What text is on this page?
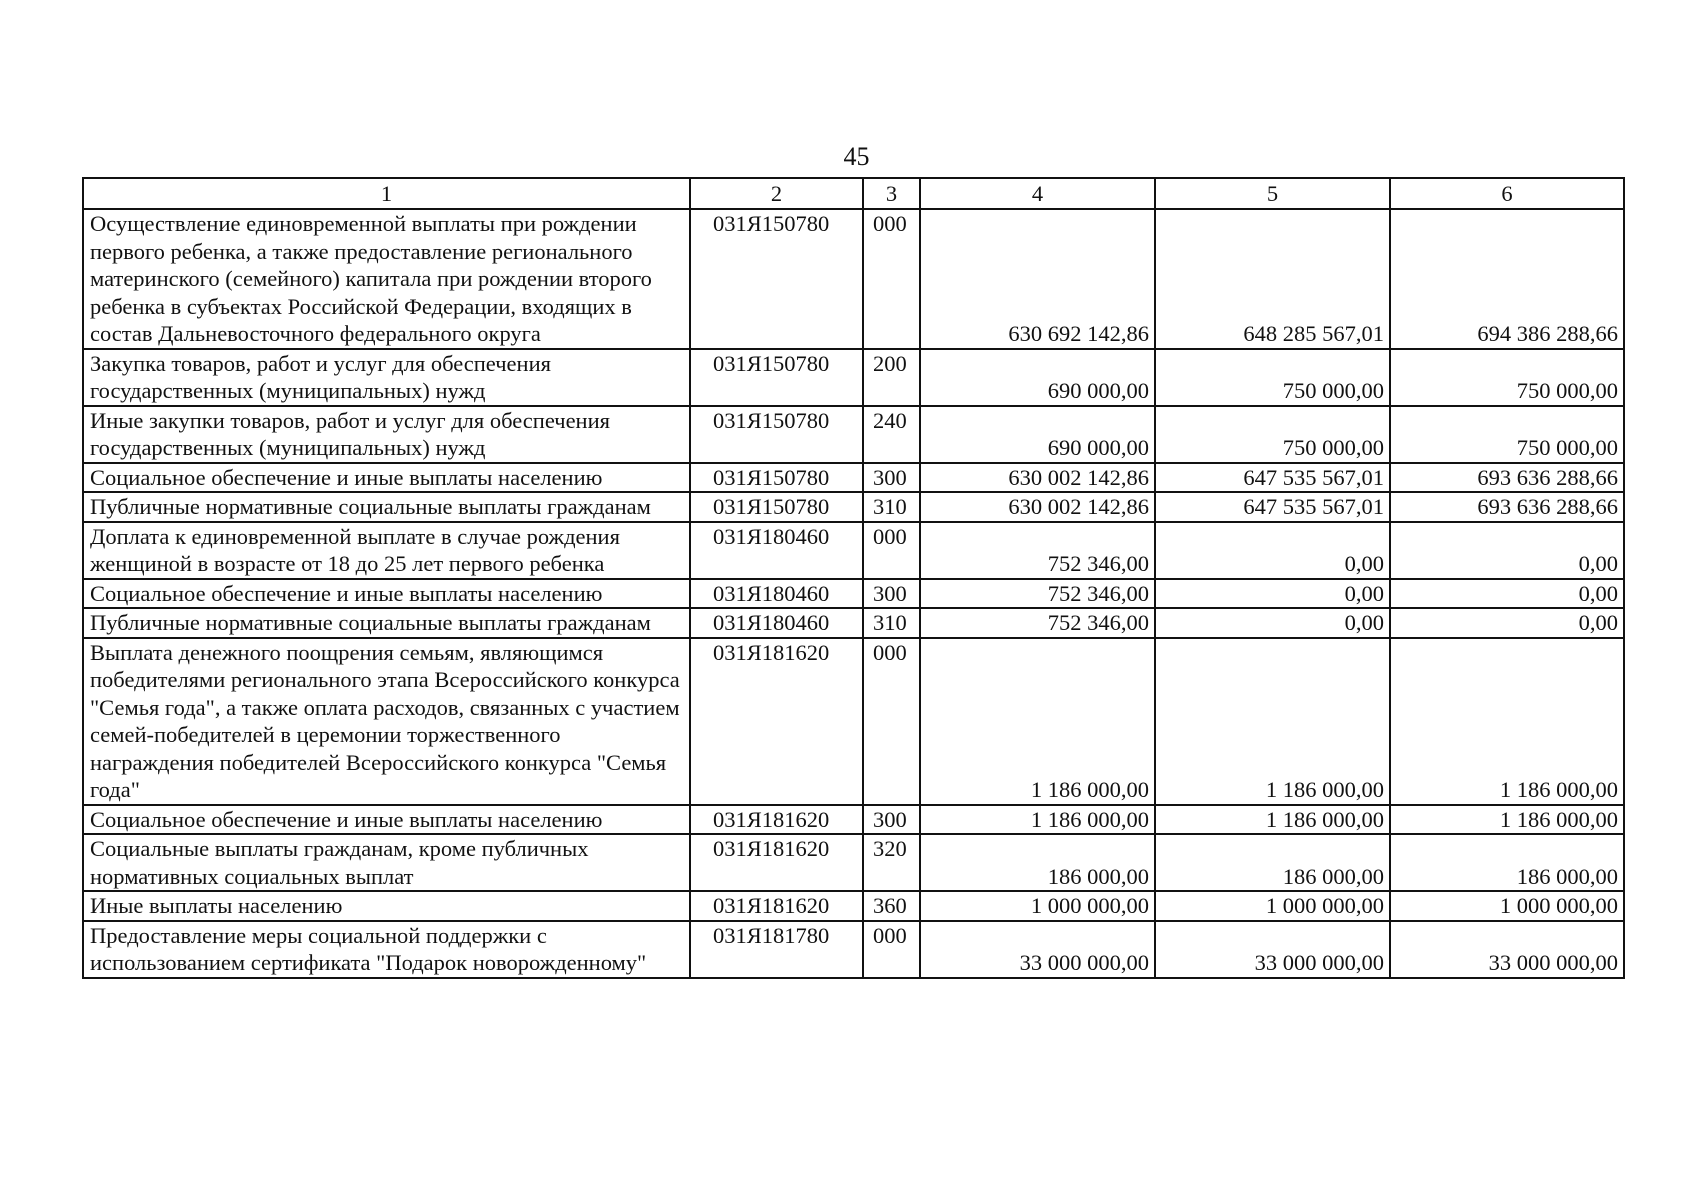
45
1	2	3	4	5	6
Осуществление единовременной выплаты при рождении первого ребенка, а также предоставление регионального материнского (семейного) капитала при рождении второго ребенка в субъектах Российской Федерации, входящих в состав Дальневосточного федерального округа	031Я150780	000	630 692 142,86	648 285 567,01	694 386 288,66
Закупка товаров, работ и услуг для обеспечения государственных (муниципальных) нужд	031Я150780	200	690 000,00	750 000,00	750 000,00
Иные закупки товаров, работ и услуг для обеспечения государственных (муниципальных) нужд	031Я150780	240	690 000,00	750 000,00	750 000,00
Социальное обеспечение и иные выплаты населению	031Я150780	300	630 002 142,86	647 535 567,01	693 636 288,66
Публичные нормативные социальные выплаты гражданам	031Я150780	310	630 002 142,86	647 535 567,01	693 636 288,66
Доплата к единовременной выплате в случае рождения женщиной в возрасте от 18 до 25 лет первого ребенка	031Я180460	000	752 346,00	0,00	0,00
Социальное обеспечение и иные выплаты населению	031Я180460	300	752 346,00	0,00	0,00
Публичные нормативные социальные выплаты гражданам	031Я180460	310	752 346,00	0,00	0,00
Выплата денежного поощрения семьям, являющимся победителями регионального этапа Всероссийского конкурса "Семья года", а также оплата расходов, связанных с участием семей-победителей в церемонии торжественного награждения победителей Всероссийского конкурса "Семья года"	031Я181620	000	1 186 000,00	1 186 000,00	1 186 000,00
Социальное обеспечение и иные выплаты населению	031Я181620	300	1 186 000,00	1 186 000,00	1 186 000,00
Социальные выплаты гражданам, кроме публичных нормативных социальных выплат	031Я181620	320	186 000,00	186 000,00	186 000,00
Иные выплаты населению	031Я181620	360	1 000 000,00	1 000 000,00	1 000 000,00
Предоставление меры социальной поддержки с использованием сертификата "Подарок новорожденному"	031Я181780	000	33 000 000,00	33 000 000,00	33 000 000,00
